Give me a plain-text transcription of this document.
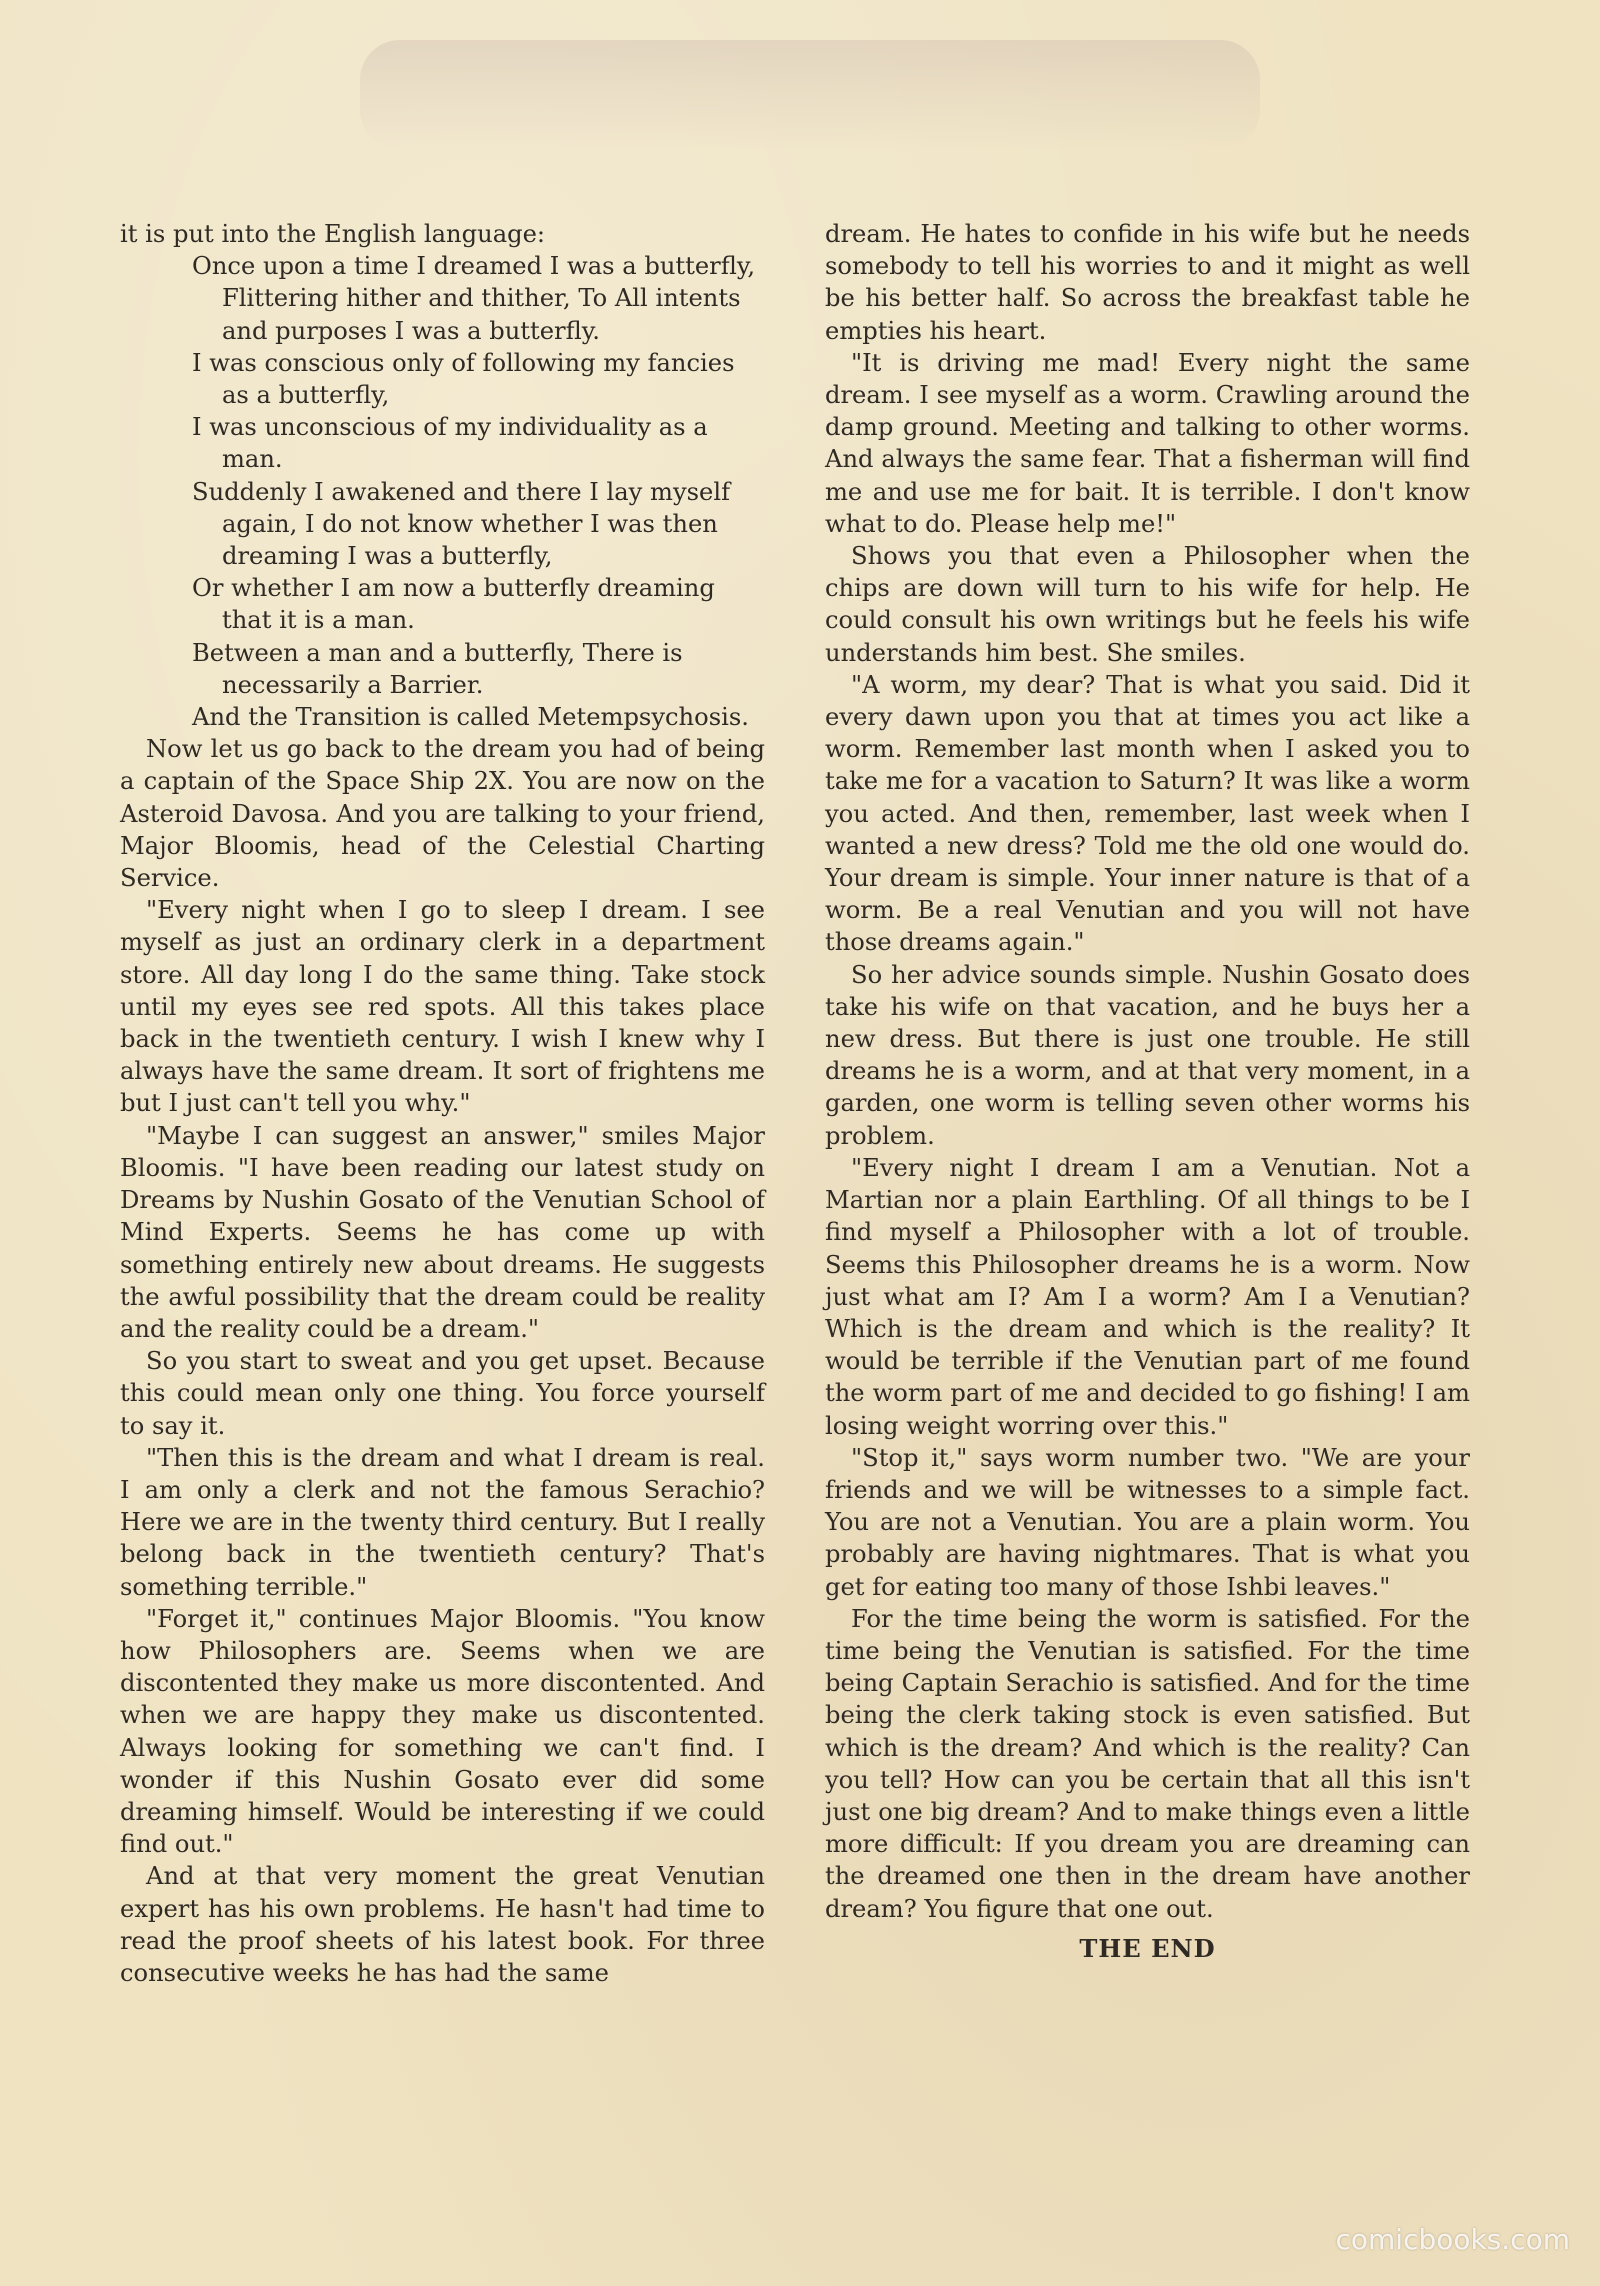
it is put into the English language:

Once upon a time I dreamed I was a butterfly, Flittering hither and thither, To All intents and purposes I was a butterfly.
I was conscious only of following my fancies as a butterfly,
I was unconscious of my individuality as a man.
Suddenly I awakened and there I lay myself again, I do not know whether I was then dreaming I was a butterfly,
Or whether I am now a butterfly dreaming that it is a man.
Between a man and a butterfly, There is necessarily a Barrier.
And the Transition is called Metempsychosis.

Now let us go back to the dream you had of being a captain of the Space Ship 2X. You are now on the Asteroid Davosa. And you are talking to your friend, Major Bloomis, head of the Celestial Charting Service.

"Every night when I go to sleep I dream. I see myself as just an ordinary clerk in a department store. All day long I do the same thing. Take stock until my eyes see red spots. All this takes place back in the twentieth century. I wish I knew why I always have the same dream. It sort of frightens me but I just can't tell you why."

"Maybe I can suggest an answer," smiles Major Bloomis. "I have been reading our latest study on Dreams by Nushin Gosato of the Venutian School of Mind Experts. Seems he has come up with something entirely new about dreams. He suggests the awful possibility that the dream could be reality and the reality could be a dream."

So you start to sweat and you get upset. Because this could mean only one thing. You force yourself to say it.

"Then this is the dream and what I dream is real. I am only a clerk and not the famous Serachio? Here we are in the twenty third century. But I really belong back in the twentieth century? That's something terrible."

"Forget it," continues Major Bloomis. "You know how Philosophers are. Seems when we are discontented they make us more discontented. And when we are happy they make us discontented. Always looking for something we can't find. I wonder if this Nushin Gosato ever did some dreaming himself. Would be interesting if we could find out."

And at that very moment the great Venutian expert has his own problems. He hasn't had time to read the proof sheets of his latest book. For three consecutive weeks he has had the same

dream. He hates to confide in his wife but he needs somebody to tell his worries to and it might as well be his better half. So across the breakfast table he empties his heart.

"It is driving me mad! Every night the same dream. I see myself as a worm. Crawling around the damp ground. Meeting and talking to other worms. And always the same fear. That a fisherman will find me and use me for bait. It is terrible. I don't know what to do. Please help me!"

Shows you that even a Philosopher when the chips are down will turn to his wife for help. He could consult his own writings but he feels his wife understands him best. She smiles.

"A worm, my dear? That is what you said. Did it every dawn upon you that at times you act like a worm. Remember last month when I asked you to take me for a vacation to Saturn? It was like a worm you acted. And then, remember, last week when I wanted a new dress? Told me the old one would do. Your dream is simple. Your inner nature is that of a worm. Be a real Venutian and you will not have those dreams again."

So her advice sounds simple. Nushin Gosato does take his wife on that vacation, and he buys her a new dress. But there is just one trouble. He still dreams he is a worm, and at that very moment, in a garden, one worm is telling seven other worms his problem.

"Every night I dream I am a Venutian. Not a Martian nor a plain Earthling. Of all things to be I find myself a Philosopher with a lot of trouble. Seems this Philosopher dreams he is a worm. Now just what am I? Am I a worm? Am I a Venutian? Which is the dream and which is the reality? It would be terrible if the Venutian part of me found the worm part of me and decided to go fishing! I am losing weight worring over this."

"Stop it," says worm number two. "We are your friends and we will be witnesses to a simple fact. You are not a Venutian. You are a plain worm. You probably are having nightmares. That is what you get for eating too many of those Ishbi leaves."

For the time being the worm is satisfied. For the time being the Venutian is satisfied. For the time being Captain Serachio is satisfied. And for the time being the clerk taking stock is even satisfied. But which is the dream? And which is the reality? Can you tell? How can you be certain that all this isn't just one big dream? And to make things even a little more difficult: If you dream you are dreaming can the dreamed one then in the dream have another dream? You figure that one out.

THE END
comicbooks.com
